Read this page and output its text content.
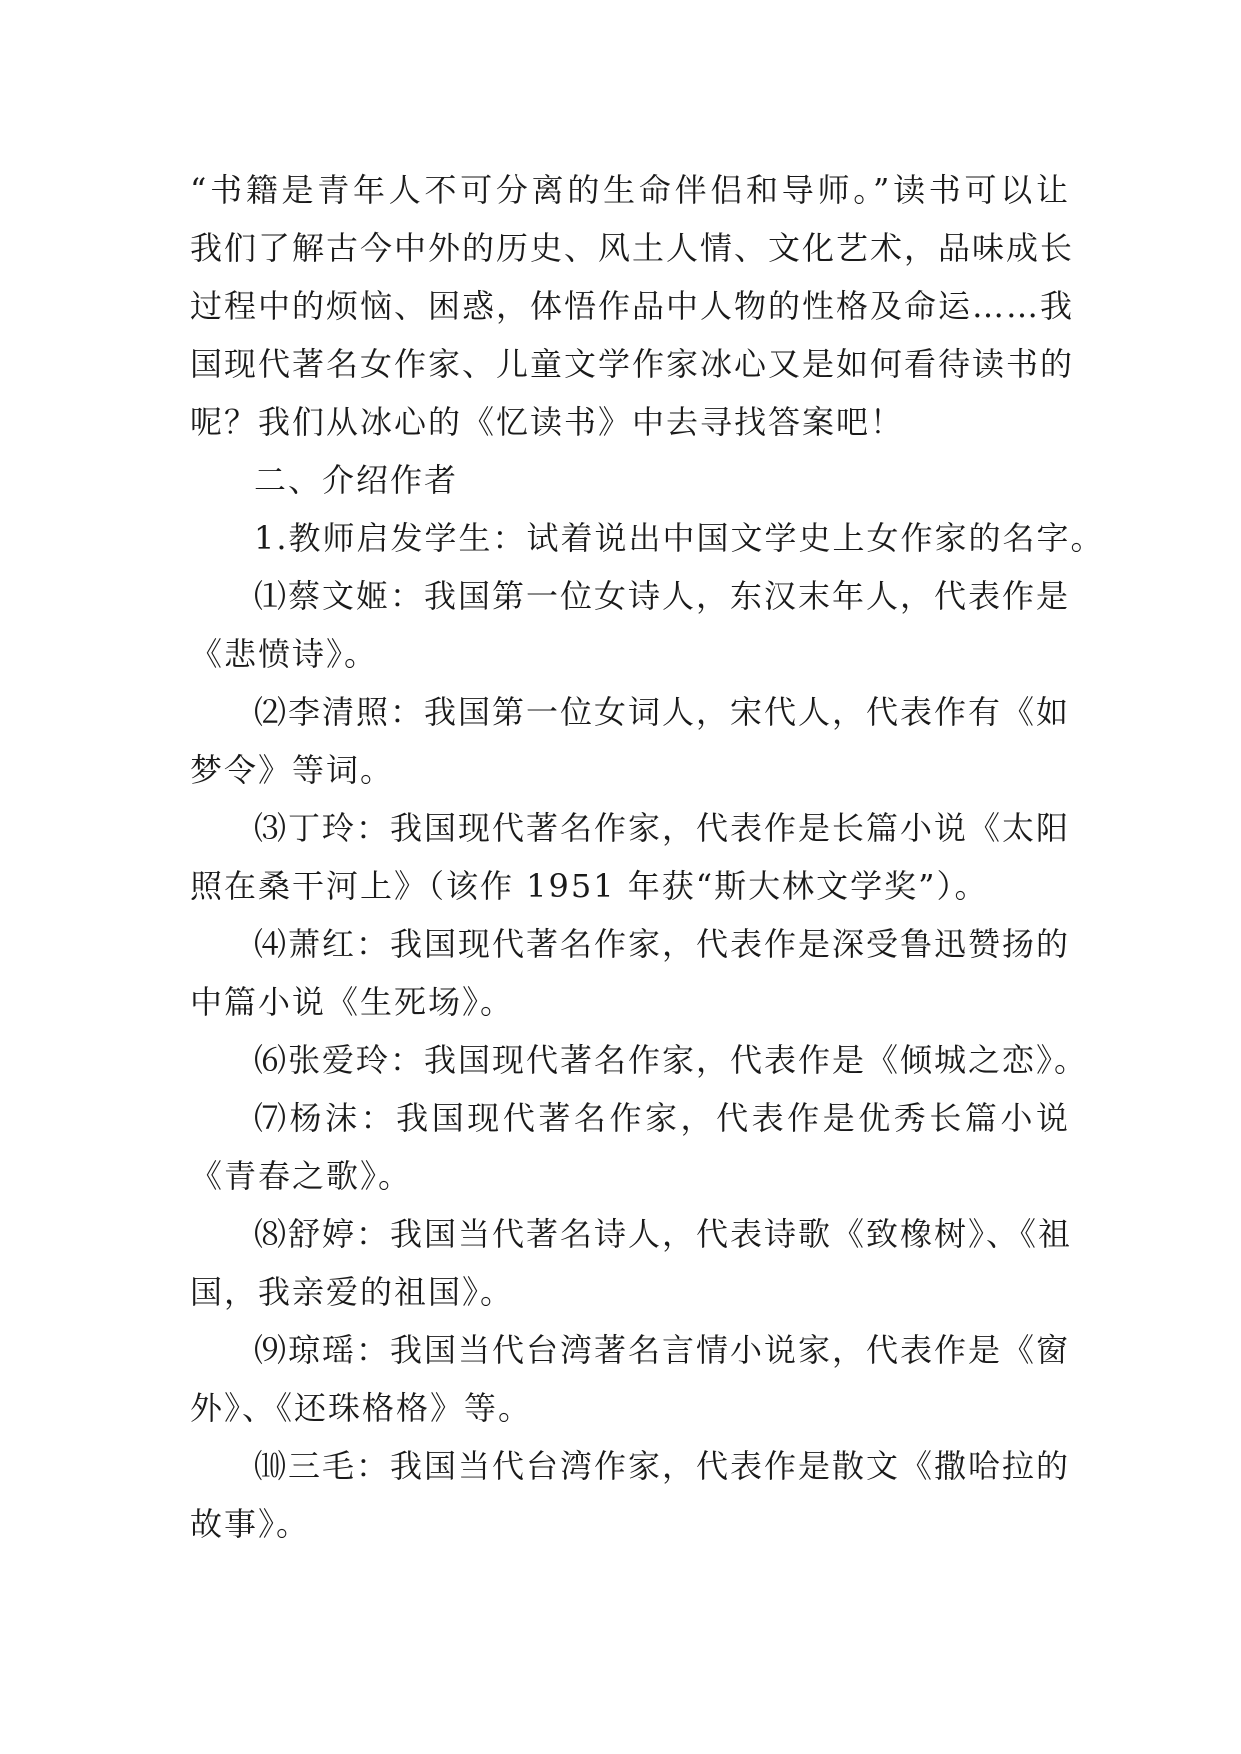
“书籍是青年人不可分离的生命伴侣和导师。”读书可以让
我们了解古今中外的历史、风土人情、文化艺术，品味成长
过程中的烦恼、困惑，体悟作品中人物的性格及命运……我
国现代著名女作家、儿童文学作家冰心又是如何看待读书的
呢？我们从冰心的《忆读书》中去寻找答案吧！
二、介绍作者
1.教师启发学生：试着说出中国文学史上女作家的名字。
⑴蔡文姬：我国第一位女诗人，东汉末年人，代表作是
《悲愤诗》。
⑵李清照：我国第一位女词人，宋代人，代表作有《如
梦令》等词。
⑶丁玲：我国现代著名作家，代表作是长篇小说《太阳
照在桑干河上》（该作 1951 年获“斯大林文学奖”）。
⑷萧红：我国现代著名作家，代表作是深受鲁迅赞扬的
中篇小说《生死场》。
⑹张爱玲：我国现代著名作家，代表作是《倾城之恋》。
⑺杨沫：我国现代著名作家，代表作是优秀长篇小说
《青春之歌》。
⑻舒婷：我国当代著名诗人，代表诗歌《致橡树》、《祖
国，我亲爱的祖国》。
⑼琼瑶：我国当代台湾著名言情小说家，代表作是《窗
外》、《还珠格格》等。
⑽三毛：我国当代台湾作家，代表作是散文《撒哈拉的
故事》。
